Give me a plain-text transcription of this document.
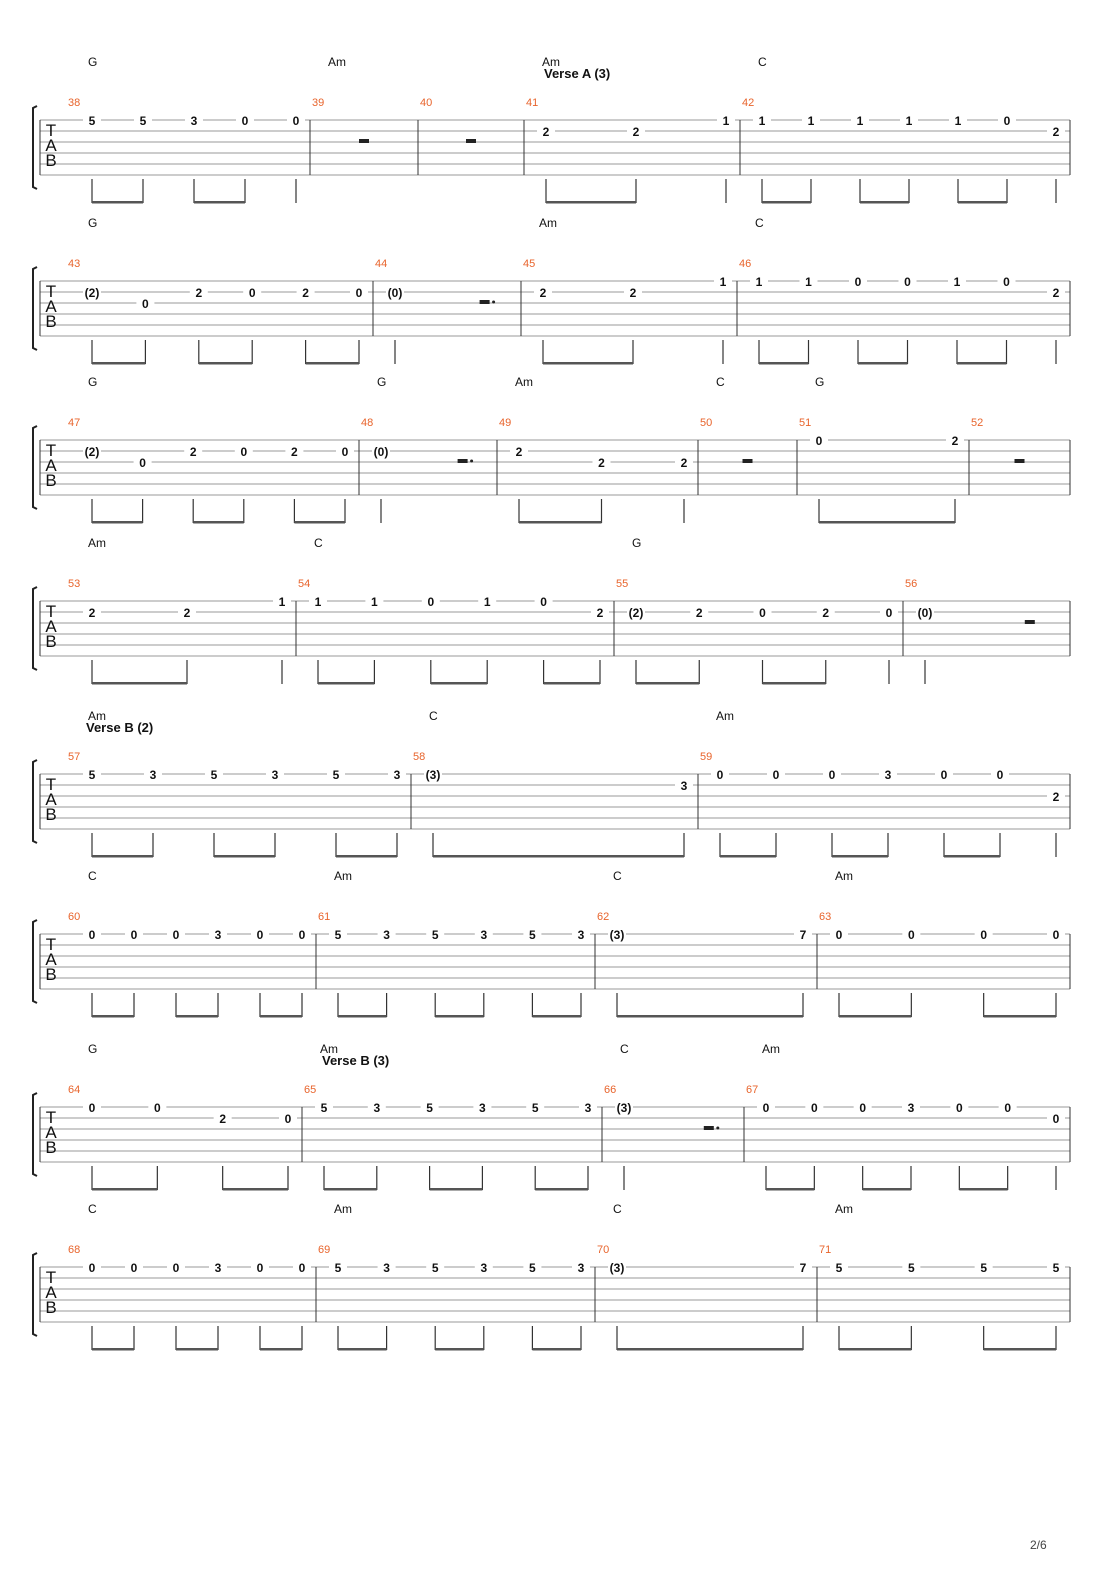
T
A
B
38
G
5	5	3	0	0
39
Am
40	41
Am
Verse A (3)
2	2
1
42
C
1	1	1	1	1	0
2
T
A
B
43
G
(2)
0
2	0	2	0
44
(0)
45
Am
2	2
1
46
C
1	1	0	0	1	0
2
T
A
B
47
G
(2)
0
2	0	2	0
48
G
(0)
49
Am
2
2	2
50
C
51
G
0	2
52
T
A
B
53
Am
2	2
1
54
C
1	1	0	1	0
2
55
G
(2)	2	0	2	0
56
(0)
T
A
B
57
Am
Verse B (2)
5	3	5	3	5	3
58
C
(3)
3
59
Am
0	0	0	3	0	0
2
T
A
B
60
C
0	0	0	3	0	0
61
Am
5	3	5	3	5	3
62
C
(3)	7
63
Am
0	0	0	0
T
A
B
64
G
0	0
2	0
65
Am
Verse B (3)
5	3	5	3	5	3
66
C
(3)
67
Am
0	0	0	3	0	0
0
T
A
B
68
C
0	0	0	3	0	0
69
Am
5	3	5	3	5	3
70
C
(3)	7
71
Am
5	5	5	5
2/6
